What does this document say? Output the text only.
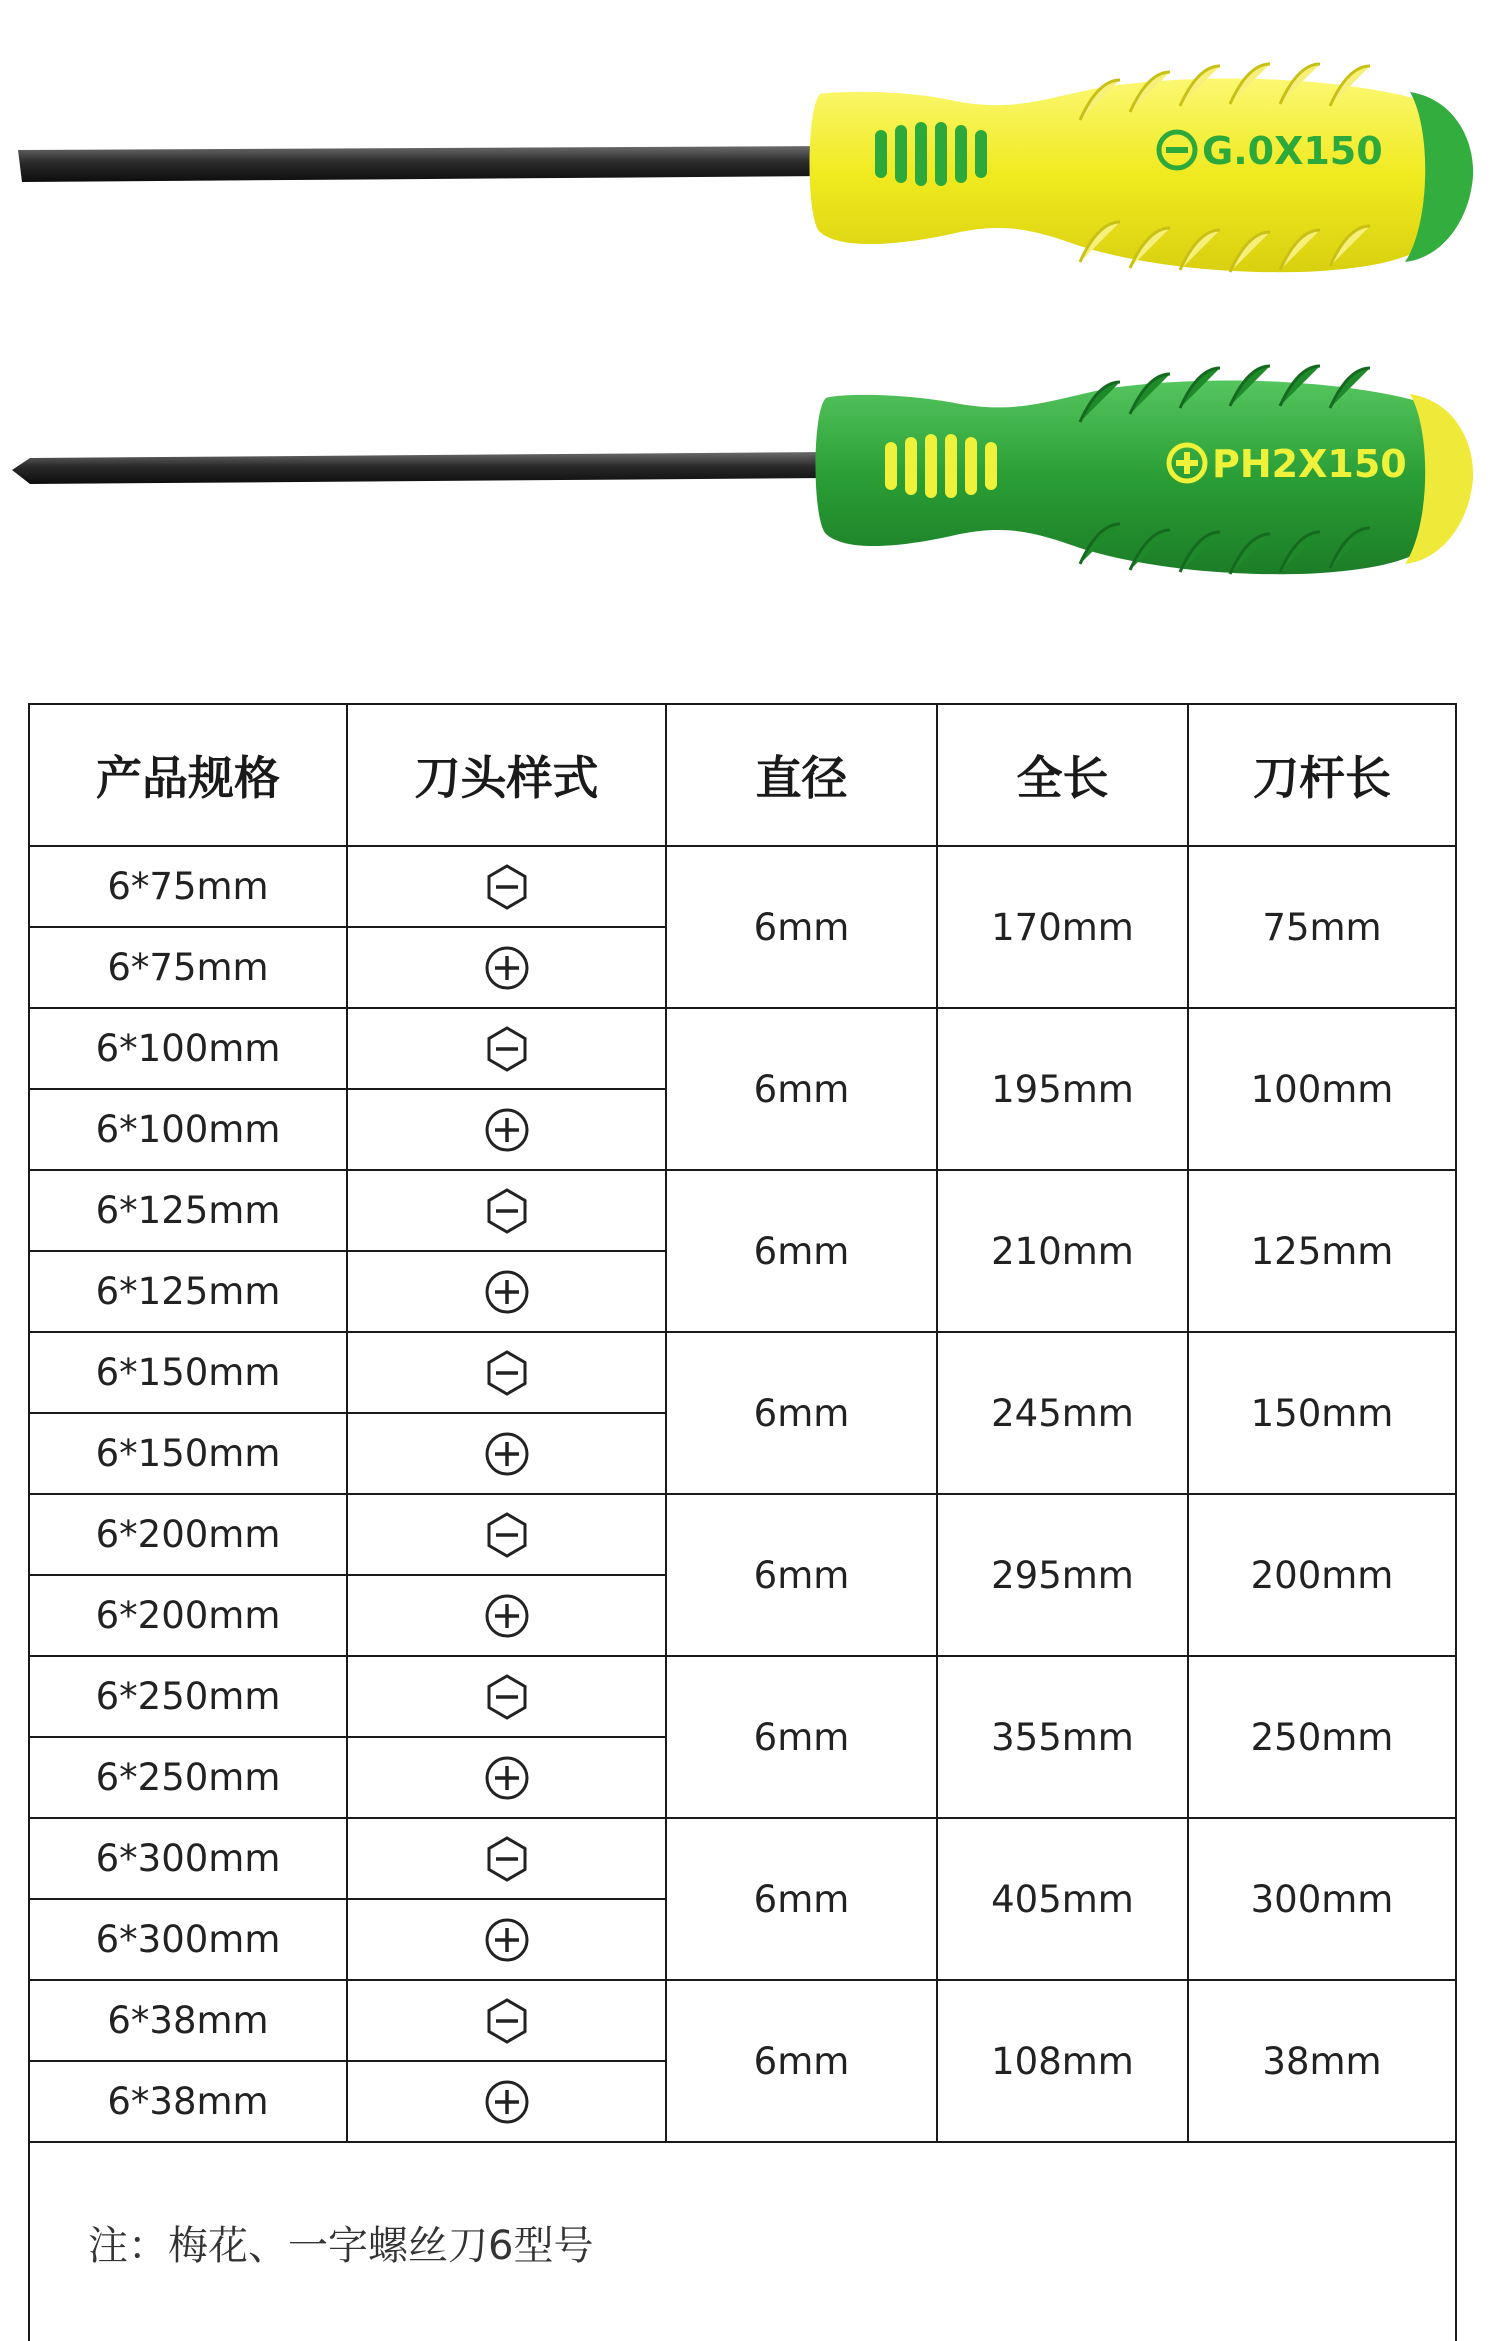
G.0X150
PH2X150
产品规格	刀头样式	直径	全长	刀杆长
6*75mm		6mm	170mm	75mm
6*75mm	
6*100mm		6mm	195mm	100mm
6*100mm	
6*125mm		6mm	210mm	125mm
6*125mm	
6*150mm		6mm	245mm	150mm
6*150mm	
6*200mm		6mm	295mm	200mm
6*200mm	
6*250mm		6mm	355mm	250mm
6*250mm	
6*300mm		6mm	405mm	300mm
6*300mm	
6*38mm		6mm	108mm	38mm
6*38mm	
注：梅花、一字螺丝刀6型号				
